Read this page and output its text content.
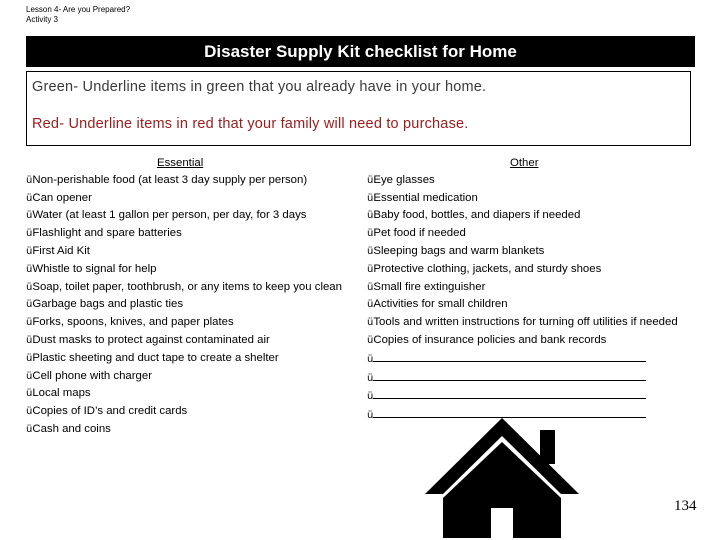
Lesson 4- Are you Prepared?
Activity 3
Disaster Supply Kit checklist for Home
Green- Underline items in green that you already have in your home.
Red- Underline items in red that your family will need to purchase.
Essential
üNon-perishable food (at least 3 day supply per person)
üCan opener
üWater (at least 1 gallon per person, per day, for 3 days
üFlashlight and spare batteries
üFirst Aid Kit
üWhistle to signal for help
üSoap, toilet paper, toothbrush, or any items to keep you clean
üGarbage bags and plastic ties
üForks, spoons, knives, and paper plates
üDust masks to protect against contaminated air
üPlastic sheeting and duct tape to create a shelter
üCell phone with charger
üLocal maps
üCopies of ID’s and credit cards
üCash and coins
Other
üEye glasses
üEssential medication
üBaby food, bottles, and diapers if needed
üPet food if needed
üSleeping bags and warm blankets
üProtective clothing, jackets, and sturdy shoes
üSmall fire extinguisher
üActivities for small children
üTools and written instructions for turning off utilities if needed
üCopies of insurance policies and bank records
ü
ü
ü
ü
134
